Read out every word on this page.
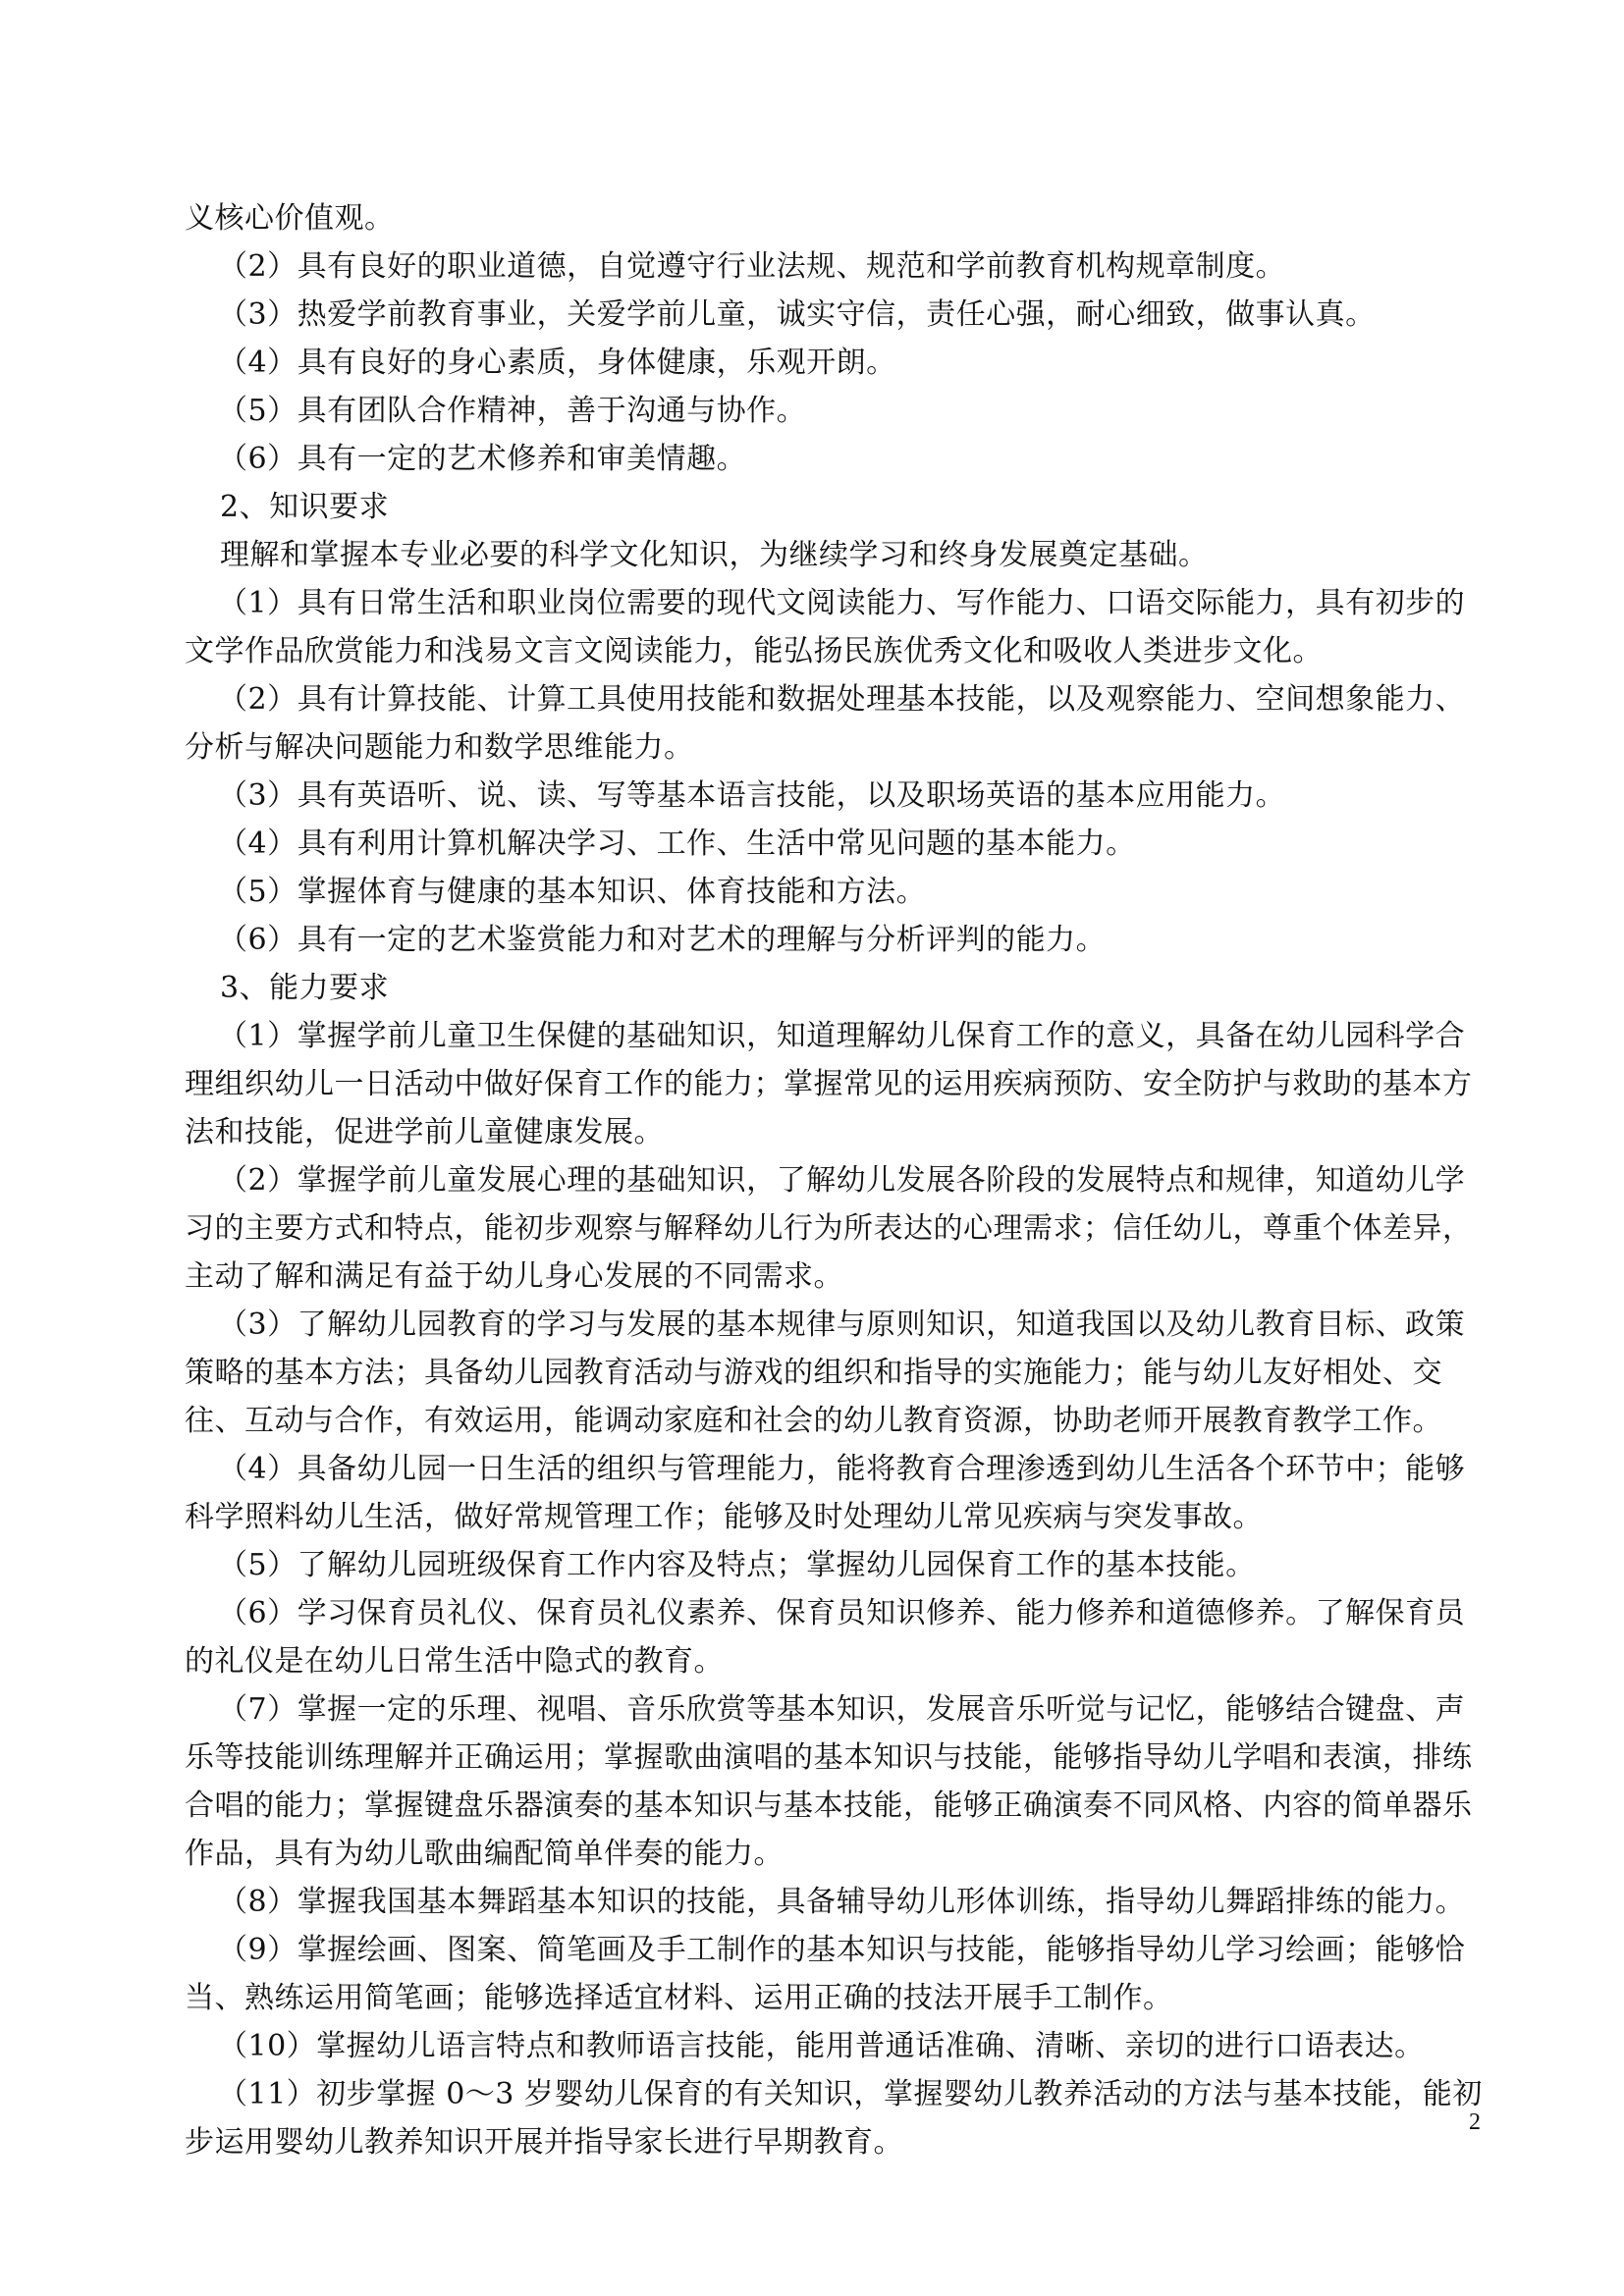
义核心价值观。

（2）具有良好的职业道德，自觉遵守行业法规、规范和学前教育机构规章制度。

（3）热爱学前教育事业，关爱学前儿童，诚实守信，责任心强，耐心细致，做事认真。

（4）具有良好的身心素质，身体健康，乐观开朗。

（5）具有团队合作精神，善于沟通与协作。

（6）具有一定的艺术修养和审美情趣。

2、知识要求

理解和掌握本专业必要的科学文化知识，为继续学习和终身发展奠定基础。

（1）具有日常生活和职业岗位需要的现代文阅读能力、写作能力、口语交际能力，具有初步的文学作品欣赏能力和浅易文言文阅读能力，能弘扬民族优秀文化和吸收人类进步文化。

（2）具有计算技能、计算工具使用技能和数据处理基本技能，以及观察能力、空间想象能力、分析与解决问题能力和数学思维能力。

（3）具有英语听、说、读、写等基本语言技能，以及职场英语的基本应用能力。

（4）具有利用计算机解决学习、工作、生活中常见问题的基本能力。

（5）掌握体育与健康的基本知识、体育技能和方法。

（6）具有一定的艺术鉴赏能力和对艺术的理解与分析评判的能力。

3、能力要求

（1）掌握学前儿童卫生保健的基础知识，知道理解幼儿保育工作的意义，具备在幼儿园科学合理组织幼儿一日活动中做好保育工作的能力；掌握常见的运用疾病预防、安全防护与救助的基本方法和技能，促进学前儿童健康发展。

（2）掌握学前儿童发展心理的基础知识，了解幼儿发展各阶段的发展特点和规律，知道幼儿学习的主要方式和特点，能初步观察与解释幼儿行为所表达的心理需求；信任幼儿，尊重个体差异，主动了解和满足有益于幼儿身心发展的不同需求。

（3）了解幼儿园教育的学习与发展的基本规律与原则知识，知道我国以及幼儿教育目标、政策策略的基本方法；具备幼儿园教育活动与游戏的组织和指导的实施能力；能与幼儿友好相处、交往、互动与合作，有效运用，能调动家庭和社会的幼儿教育资源，协助老师开展教育教学工作。

（4）具备幼儿园一日生活的组织与管理能力，能将教育合理渗透到幼儿生活各个环节中；能够科学照料幼儿生活，做好常规管理工作；能够及时处理幼儿常见疾病与突发事故。

（5）了解幼儿园班级保育工作内容及特点；掌握幼儿园保育工作的基本技能。

（6）学习保育员礼仪、保育员礼仪素养、保育员知识修养、能力修养和道德修养。了解保育员的礼仪是在幼儿日常生活中隐式的教育。

（7）掌握一定的乐理、视唱、音乐欣赏等基本知识，发展音乐听觉与记忆，能够结合键盘、声乐等技能训练理解并正确运用；掌握歌曲演唱的基本知识与技能，能够指导幼儿学唱和表演，排练合唱的能力；掌握键盘乐器演奏的基本知识与基本技能，能够正确演奏不同风格、内容的简单器乐作品，具有为幼儿歌曲编配简单伴奏的能力。

（8）掌握我国基本舞蹈基本知识的技能，具备辅导幼儿形体训练，指导幼儿舞蹈排练的能力。

（9）掌握绘画、图案、简笔画及手工制作的基本知识与技能，能够指导幼儿学习绘画；能够恰当、熟练运用简笔画；能够选择适宜材料、运用正确的技法开展手工制作。

（10）掌握幼儿语言特点和教师语言技能，能用普通话准确、清晰、亲切的进行口语表达。

（11）初步掌握 0～3 岁婴幼儿保育的有关知识，掌握婴幼儿教养活动的方法与基本技能，能初步运用婴幼儿教养知识开展并指导家长进行早期教育。

2
